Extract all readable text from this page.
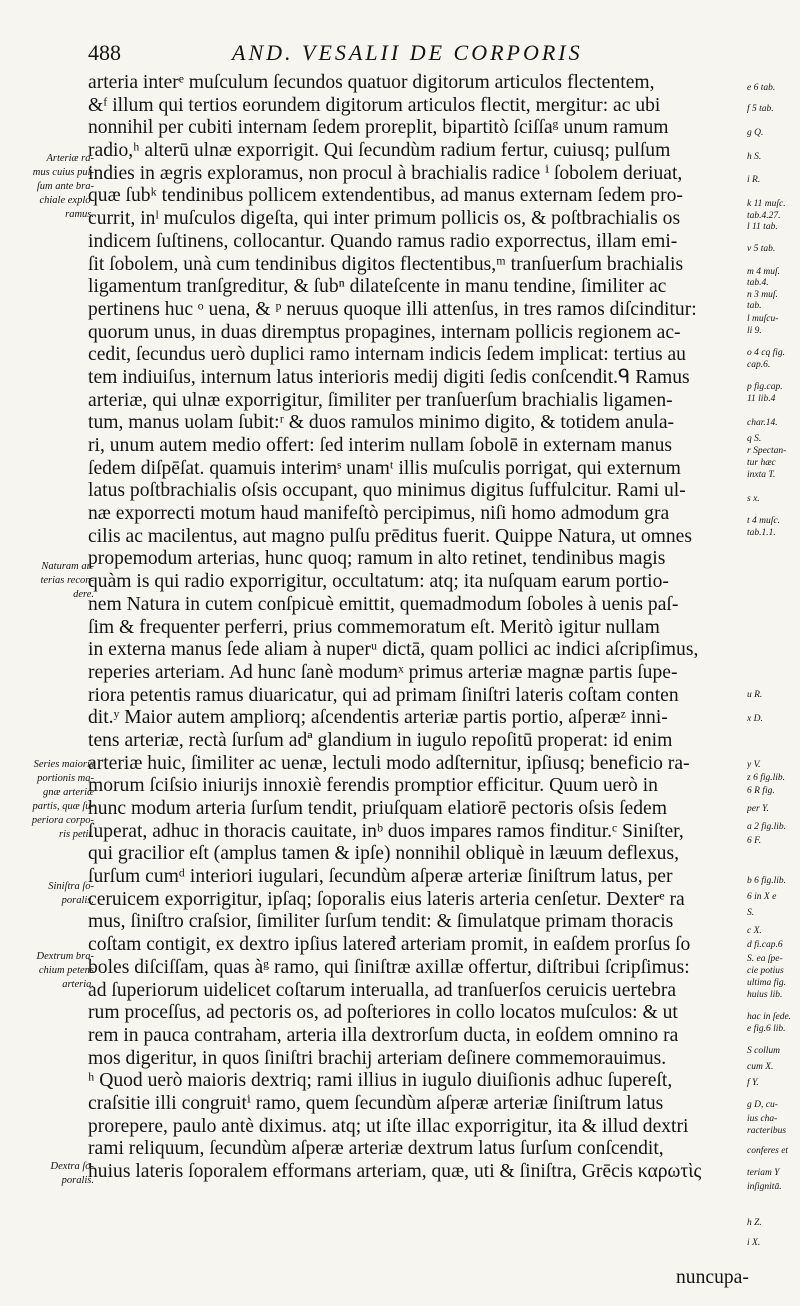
488	AND. VESALII DE CORPORIS
arteria interᵉ muſculum ſecundos quatuor digitorum articulos flectentem,
&ᶠ illum qui tertios eorundem digitorum articulos flectit, mergitur: ac ubi
nonnihil per cubiti internam ſedem proreplit, bipartitò ſciſſaᵍ unum ramum
radio,ʰ alterū ulnæ exporrigit. Qui ſecundùm radium fertur, cuiusq; pulſum
indies in ægris exploramus, non procul à brachialis radice ⁱ ſobolem deriuat,
quæ ſubᵏ tendinibus pollicem extendentibus, ad manus externam ſedem pro-
currit, inˡ muſculos digeſta, qui inter primum pollicis os, & poſtbrachialis os
indicem ſuſtinens, collocantur. Quando ramus radio exporrectus, illam emi-
ſit ſobolem, unà cum tendinibus digitos flectentibus,ᵐ tranſuerſum brachialis
ligamentum tranſgreditur, & ſubⁿ dilateſcente in manu tendine, ſimiliter ac
pertinens huc ᵒ uena, & ᵖ neruus quoque illi attenſus, in tres ramos diſcinditur:
quorum unus, in duas diremptus propagines, internam pollicis regionem ac-
cedit, ſecundus uerò duplici ramo internam indicis ſedem implicat: tertius au
tem indiuiſus, internum latus interioris medij digiti ſedis conſcendit.ᑫ Ramus
arteriæ, qui ulnæ exporrigitur, ſimiliter per tranſuerſum brachialis ligamen-
tum, manus uolam ſubit:ʳ & duos ramulos minimo digito, & totidem anula-
ri, unum autem medio offert: ſed interim nullam ſobolē in externam manus
ſedem diſpēſat. quamuis interimˢ unamᵗ illis muſculis porrigat, qui externum
latus poſtbrachialis oſsis occupant, quo minimus digitus ſuffulcitur. Rami ul-
næ exporrecti motum haud manifeſtò percipimus, niſi homo admodum gra
cilis ac macilentus, aut magno pulſu prēditus fuerit. Quippe Natura, ut omnes
propemodum arterias, hunc quoq; ramum in alto retinet, tendinibus magis
quàm is qui radio exporrigitur, occultatum: atq; ita nuſquam earum portio-
nem Natura in cutem conſpicuè emittit, quemadmodum ſoboles à uenis paſ-
ſim & frequenter perferri, prius commemoratum eſt. Meritò igitur nullam
in externa manus ſede aliam à nuperᵘ dictā, quam pollici ac indici aſcripſimus,
reperies arteriam. Ad hunc ſanè modumˣ primus arteriæ magnæ partis ſupe-
riora petentis ramus diuaricatur, qui ad primam ſiniſtri lateris coſtam conten
dit.ʸ Maior autem ampliorq; aſcendentis arteriæ partis portio, aſperæᶻ inni-
tens arteriæ, rectà ſurſum adª glandium in iugulo repoſitū properat: id enim
arteriæ huic, ſimiliter ac uenæ, lectuli modo adſternitur, ipſiusq; beneficio ra-
morum ſciſsio iniurijs innoxiè ferendis promptior efficitur. Quum uerò in
hunc modum arteria ſurſum tendit, priuſquam elatiorē pectoris oſsis ſedem
ſuperat, adhuc in thoracis cauitate, inᵇ duos impares ramos finditur.ᶜ Siniſter,
qui gracilior eſt (amplus tamen & ipſe) nonnihil obliquè in læuum deflexus,
ſurſum cumᵈ interiori iugulari, ſecundùm aſperæ arteriæ ſiniſtrum latus, per
ceruicem exporrigitur, ipſaq; ſoporalis eius lateris arteria cenſetur. Dexterᵉ ra
mus, ſiniſtro craſsior, ſimiliter ſurſum tendit: & ſimulatque primam thoracis
coſtam contigit, ex dextro ipſius lateređ arteriam promit, in eaſdem prorſus ſo
boles diſciſſam, quas àᵍ ramo, qui ſiniſtræ axillæ offertur, diſtribui ſcripſimus:
ad ſuperiorum uidelicet coſtarum interualla, ad tranſuerſos ceruicis uertebra
rum proceſſus, ad pectoris os, ad poſteriores in collo locatos muſculos: & ut
rem in pauca contraham, arteria illa dextrorſum ducta, in eoſdem omnino ra
mos digeritur, in quos ſiniſtri brachij arteriam deſinere commemorauimus.
ʰ Quod uerò maioris dextriq; rami illius in iugulo diuiſionis adhuc ſupereſt,
craſsitie illi congruitⁱ ramo, quem ſecundùm aſperæ arteriæ ſiniſtrum latus
prorepere, paulo antè diximus. atq; ut iſte illac exporrigitur, ita & illud dextri
rami reliquum, ſecundùm aſperæ arteriæ dextrum latus ſurſum conſcendit,
huius lateris ſoporalem efformans arteriam, quæ, uti & ſiniſtra, Grēcis καρωτὶς
Arteriæ ra-
mus cuius pul-
ſum ante bra-
chiale explo-
ramus.
Naturam ar-
terias recon-
dere.
Series maioris
portionis ma-
gnæ arteriæ
partis, quæ ſu-
periora corpo-
ris petit.
Siniſtra ſo-
poralis.
Dextrum bra-
chium petens
arteria.
Dextra ſo-
poralis.
e 6 tab.
f 5 tab.
g Q.
h S.
i R.
k 11 muſc.
tab.4.27.
l 11 tab.
v 5 tab.
m 4 muſ.
tab.4.
n 3 muſ.
tab.
l muſcu-
li 9.
o 4 cq fig.
cap.6.
p fig.cap.
11 lib.4
char.14.
q S.
r Spectan-
tur hæc
inxta T.
s x.
t 4 muſc.
tab.1.1.
u R.
x D.
y V.
z 6 fig.lib.
6 R fig.
per Y.
a 2 fig.lib.
6 F.
b 6 fig.lib.
6 in X e
S.
c X.
d fi.cap.6
S. ea ſpe-
cie potius
ultima fig.
huius lib.
hac in ſede.
e fig.6 lib.
S collum
cum X.
f Y.
g D, cu-
ius cha-
racteribus
conferes et
teriam Y
inſignitā.
h Z.
i X.
nuncupa-
